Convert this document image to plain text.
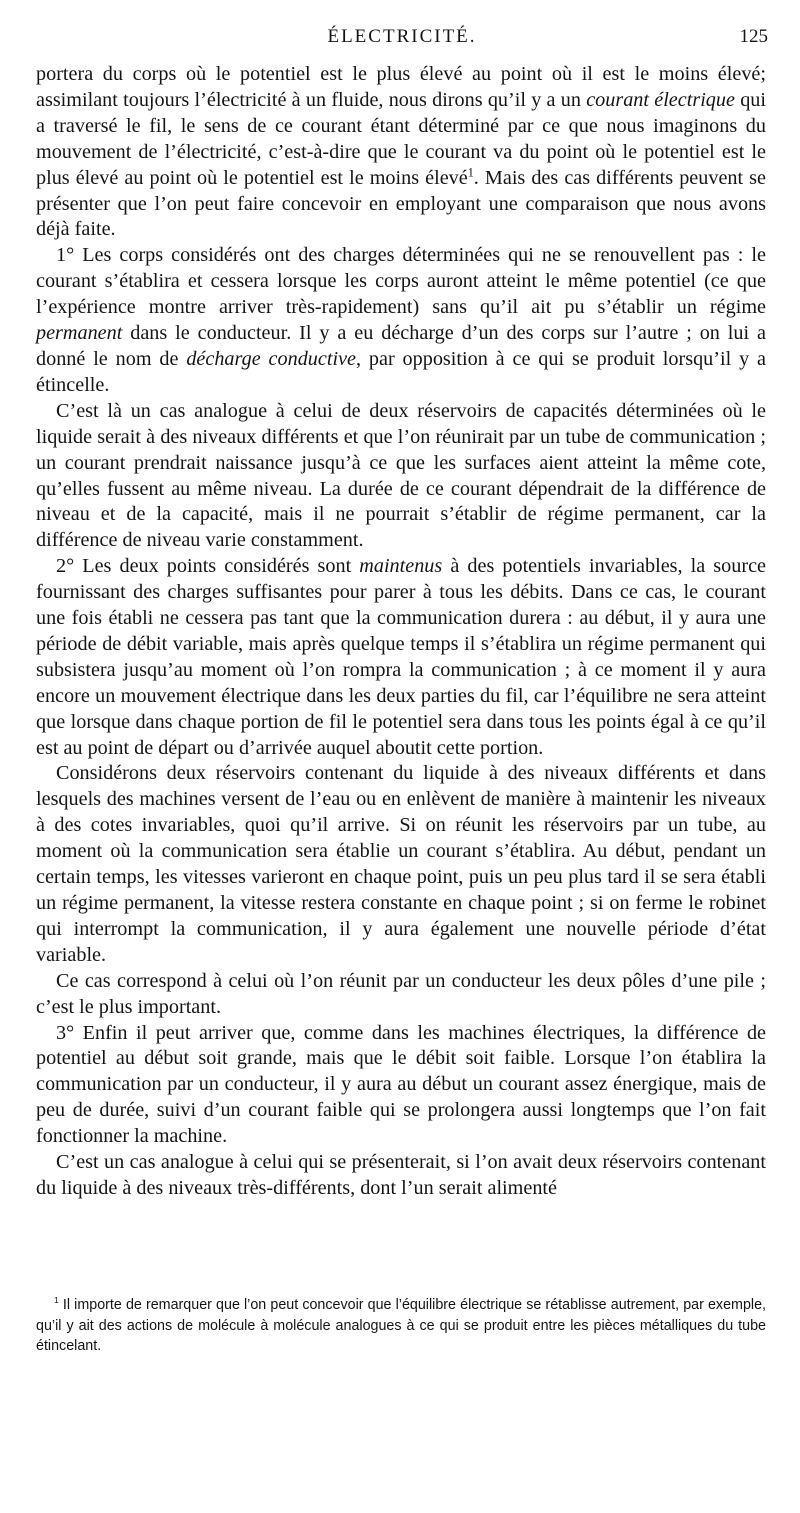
ÉLECTRICITÉ.	125

portera du corps où le potentiel est le plus élevé au point où il est le moins élevé; assimilant toujours l’électricité à un fluide, nous dirons qu’il y a un courant électrique qui a traversé le fil, le sens de ce courant étant déterminé par ce que nous imaginons du mouvement de l’électricité, c’est-à-dire que le courant va du point où le potentiel est le plus élevé au point où le potentiel est le moins élevé$^1$. Mais des cas différents peuvent se présenter que l’on peut faire concevoir en employant une comparaison que nous avons déjà faite.

1° Les corps considérés ont des charges déterminées qui ne se renouvellent pas : le courant s’établira et cessera lorsque les corps auront atteint le même potentiel (ce que l’expérience montre arriver très-rapidement) sans qu’il ait pu s’établir un régime permanent dans le conducteur. Il y a eu décharge d’un des corps sur l’autre ; on lui a donné le nom de décharge conductive, par opposition à ce qui se produit lorsqu’il y a étincelle.

C’est là un cas analogue à celui de deux réservoirs de capacités déterminées où le liquide serait à des niveaux différents et que l’on réunirait par un tube de communication ; un courant prendrait naissance jusqu’à ce que les surfaces aient atteint la même cote, qu’elles fussent au même niveau. La durée de ce courant dépendrait de la différence de niveau et de la capacité, mais il ne pourrait s’établir de régime permanent, car la différence de niveau varie constamment.

2° Les deux points considérés sont maintenus à des potentiels invariables, la source fournissant des charges suffisantes pour parer à tous les débits. Dans ce cas, le courant une fois établi ne cessera pas tant que la communication durera : au début, il y aura une période de débit variable, mais après quelque temps il s’établira un régime permanent qui subsistera jusqu’au moment où l’on rompra la communication ; à ce moment il y aura encore un mouvement électrique dans les deux parties du fil, car l’équilibre ne sera atteint que lorsque dans chaque portion de fil le potentiel sera dans tous les points égal à ce qu’il est au point de départ ou d’arrivée auquel aboutit cette portion.

Considérons deux réservoirs contenant du liquide à des niveaux différents et dans lesquels des machines versent de l’eau ou en enlèvent de manière à maintenir les niveaux à des cotes invariables, quoi qu’il arrive. Si on réunit les réservoirs par un tube, au moment où la communication sera établie un courant s’établira. Au début, pendant un certain temps, les vitesses varieront en chaque point, puis un peu plus tard il se sera établi un régime permanent, la vitesse restera constante en chaque point ; si on ferme le robinet qui interrompt la communication, il y aura également une nouvelle période d’état variable.

Ce cas correspond à celui où l’on réunit par un conducteur les deux pôles d’une pile ; c’est le plus important.

3° Enfin il peut arriver que, comme dans les machines électriques, la différence de potentiel au début soit grande, mais que le débit soit faible. Lorsque l’on établira la communication par un conducteur, il y aura au début un courant assez énergique, mais de peu de durée, suivi d’un courant faible qui se prolongera aussi longtemps que l’on fait fonctionner la machine.

C’est un cas analogue à celui qui se présenterait, si l’on avait deux réservoirs contenant du liquide à des niveaux très-différents, dont l’un serait alimenté

$^1$ Il importe de remarquer que l’on peut concevoir que l’équilibre électrique se rétablisse autrement, par exemple, qu’il y ait des actions de molécule à molécule analogues à ce qui se produit entre les pièces métalliques du tube étincelant.
